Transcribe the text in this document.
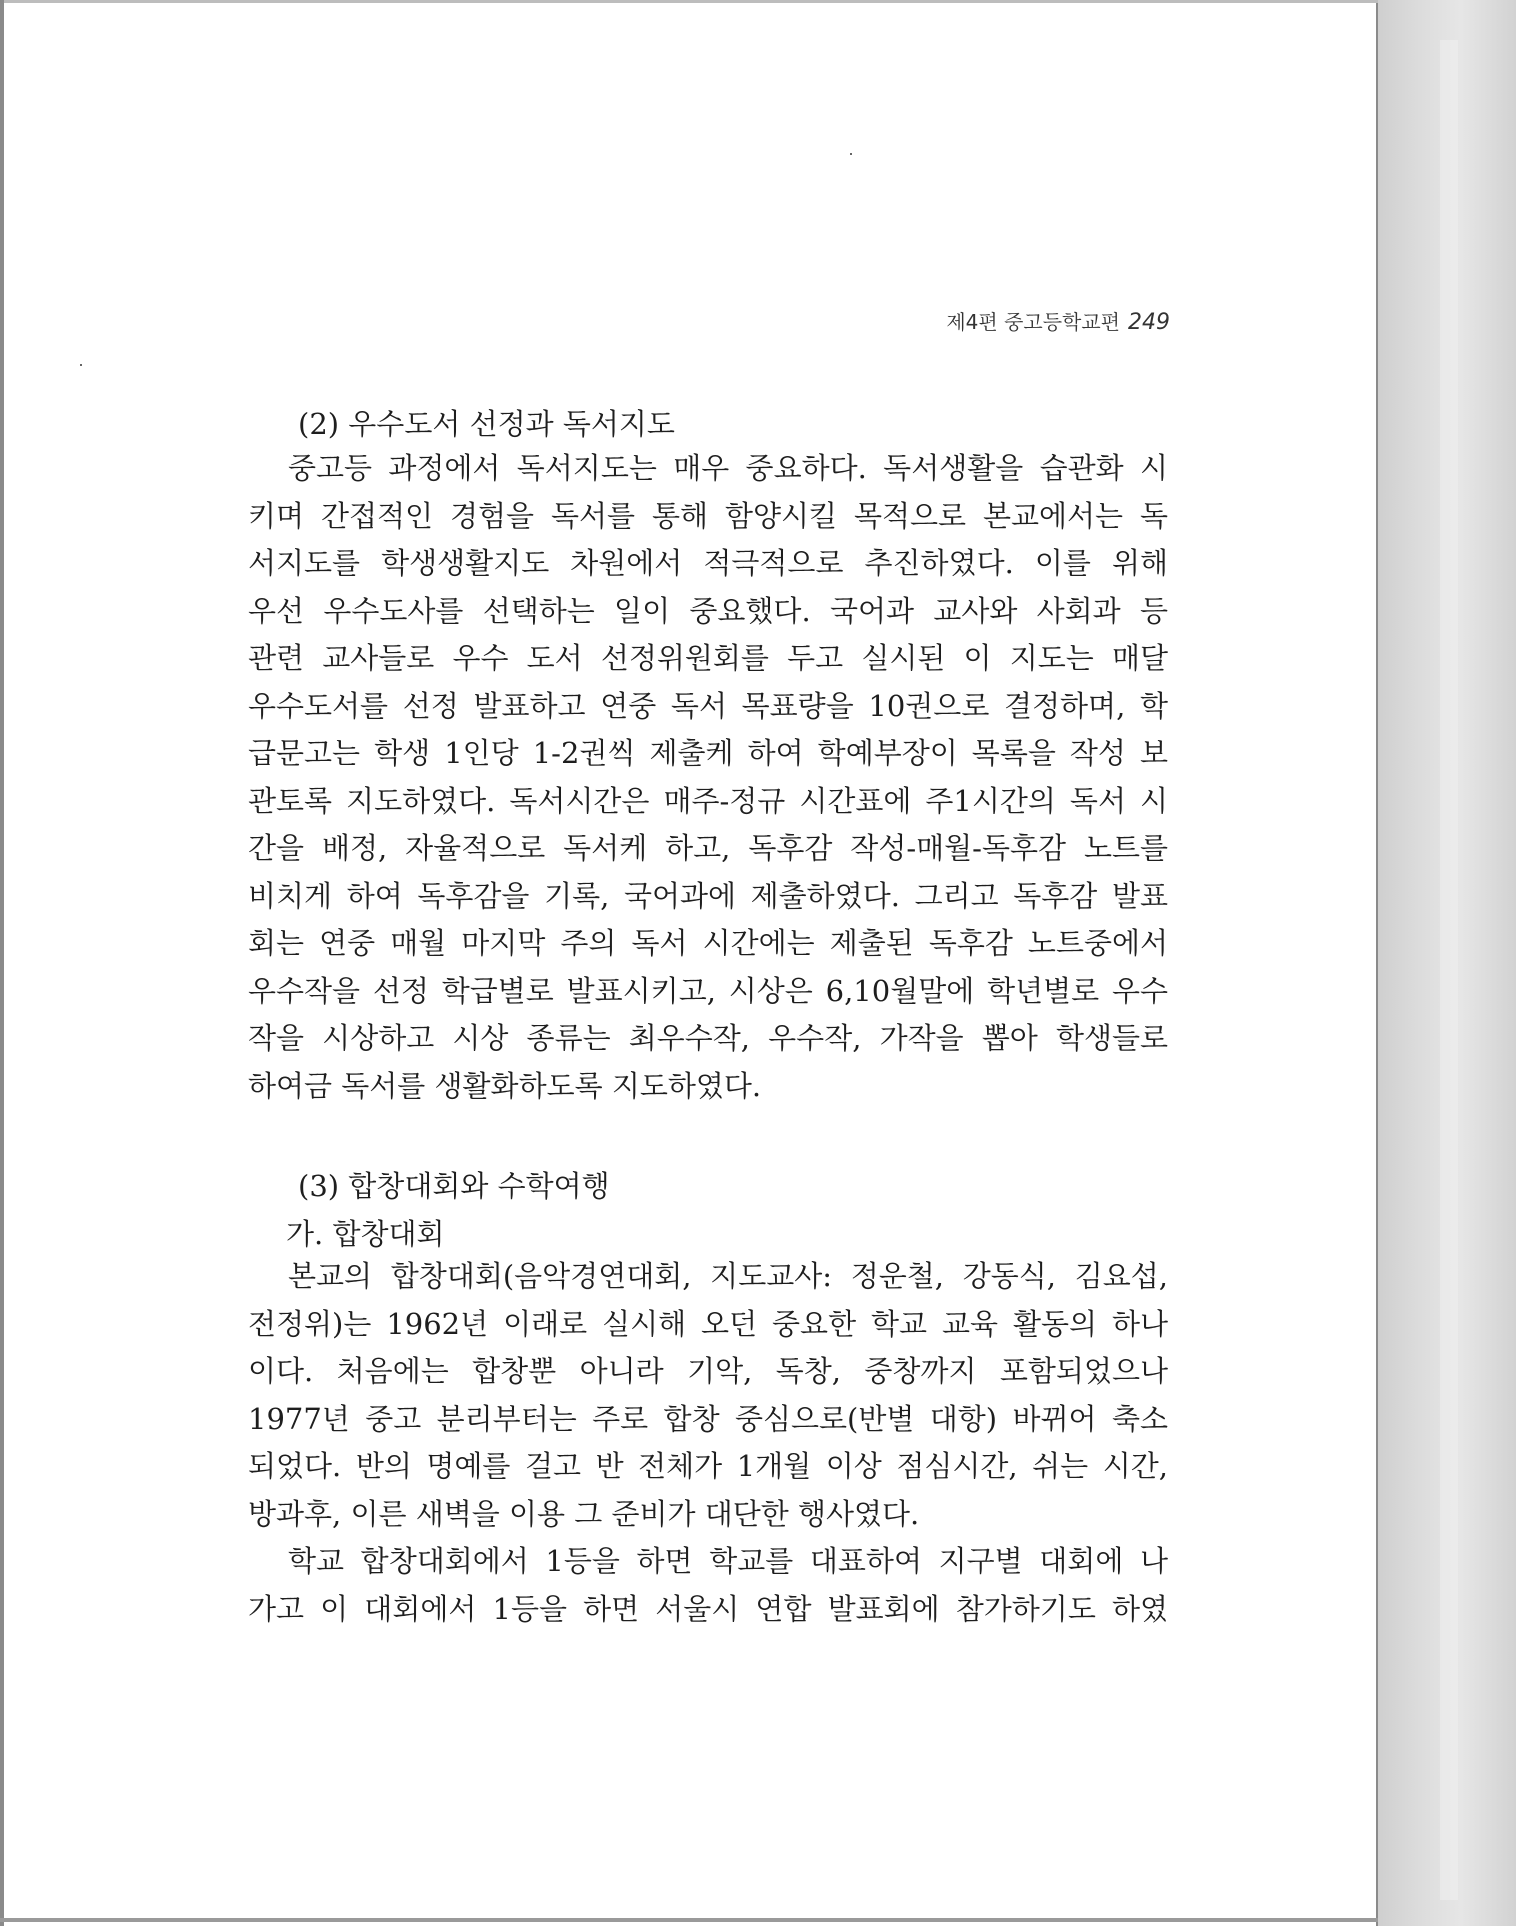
제4편 중고등학교편 249
(2) 우수도서 선정과 독서지도
중고등 과정에서 독서지도는 매우 중요하다. 독서생활을 습관화 시
키며 간접적인 경험을 독서를 통해 함양시킬 목적으로 본교에서는 독
서지도를 학생생활지도 차원에서 적극적으로 추진하였다. 이를 위해
우선 우수도사를 선택하는 일이 중요했다. 국어과 교사와 사회과 등
관련 교사들로 우수 도서 선정위원회를 두고 실시된 이 지도는 매달
우수도서를 선정 발표하고 연중 독서 목표량을 10권으로 결정하며, 학
급문고는 학생 1인당 1-2권씩 제출케 하여 학예부장이 목록을 작성 보
관토록 지도하였다. 독서시간은 매주-정규 시간표에 주1시간의 독서 시
간을 배정, 자율적으로 독서케 하고, 독후감 작성-매월-독후감 노트를
비치게 하여 독후감을 기록, 국어과에 제출하였다. 그리고 독후감 발표
회는 연중 매월 마지막 주의 독서 시간에는 제출된 독후감 노트중에서
우수작을 선정 학급별로 발표시키고, 시상은 6,10월말에 학년별로 우수
작을 시상하고 시상 종류는 최우수작, 우수작, 가작을 뽑아 학생들로
하여금 독서를 생활화하도록 지도하였다.
(3) 합창대회와 수학여행
가. 합창대회
본교의 합창대회(음악경연대회, 지도교사: 정운철, 강동식, 김요섭,
전정위)는 1962년 이래로 실시해 오던 중요한 학교 교육 활동의 하나
이다. 처음에는 합창뿐 아니라 기악, 독창, 중창까지 포함되었으나
1977년 중고 분리부터는 주로 합창 중심으로(반별 대항) 바뀌어 축소
되었다. 반의 명예를 걸고 반 전체가 1개월 이상 점심시간, 쉬는 시간,
방과후, 이른 새벽을 이용 그 준비가 대단한 행사였다.
학교 합창대회에서 1등을 하면 학교를 대표하여 지구별 대회에 나
가고 이 대회에서 1등을 하면 서울시 연합 발표회에 참가하기도 하였
